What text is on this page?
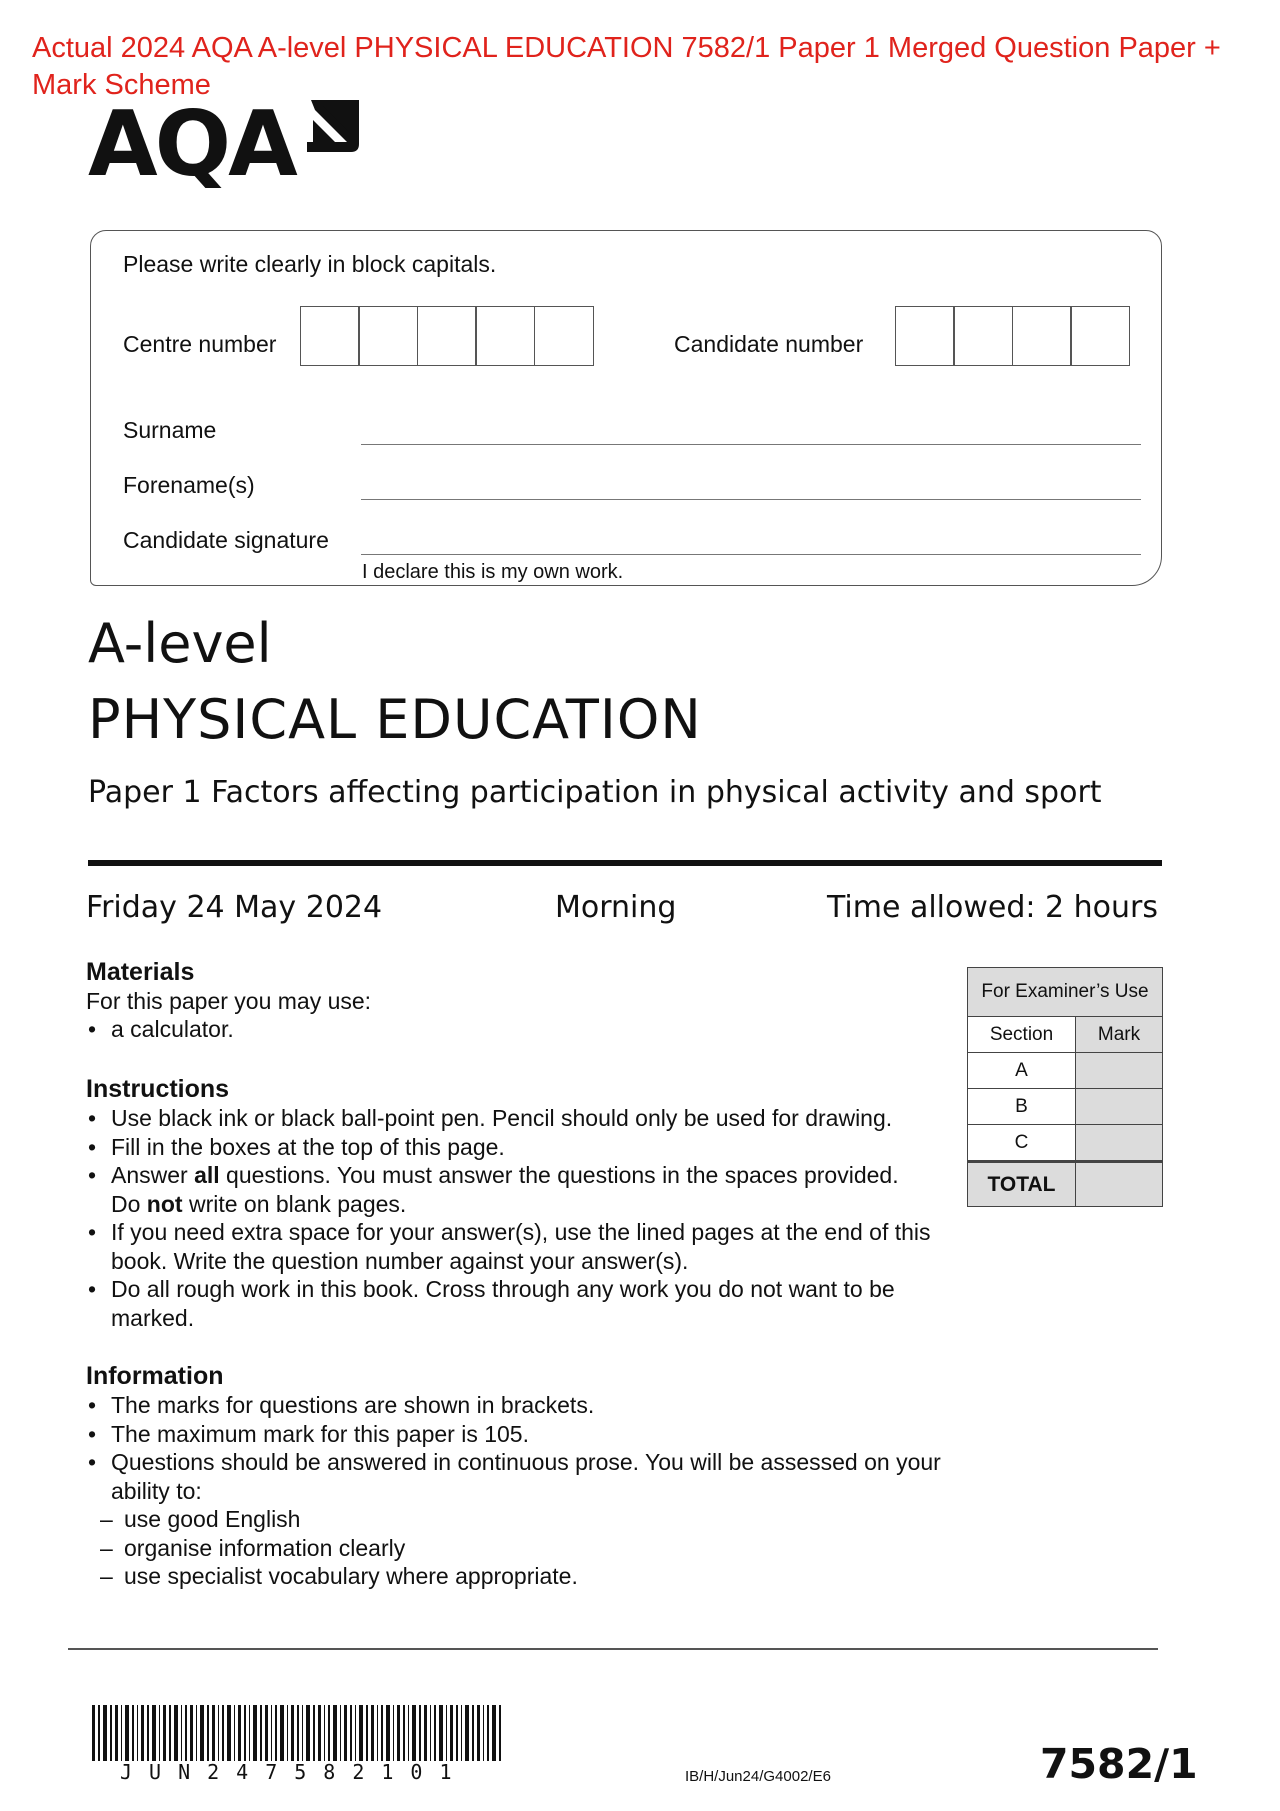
Actual 2024 AQA A-level PHYSICAL EDUCATION 7582/1 Paper 1 Merged Question Paper + Mark Scheme
AQA
Please write clearly in block capitals.
Centre number	Candidate number
Surname
Forename(s)
Candidate signature
I declare this is my own work.
A-level
PHYSICAL EDUCATION
Paper 1 Factors affecting participation in physical activity and sport
Friday 24 May 2024	Morning	Time allowed: 2 hours
Materials

For this paper you may use:

• a calculator.
Instructions
• Use black ink or black ball-point pen. Pencil should only be used for drawing.
• Fill in the boxes at the top of this page.
• Answer all questions. You must answer the questions in the spaces provided.
Do not write on blank pages.
• If you need extra space for your answer(s), use the lined pages at the end of this book. Write the question number against your answer(s).
• Do all rough work in this book. Cross through any work you do not want to be marked.
Information
• The marks for questions are shown in brackets.
• The maximum mark for this paper is 105.
• Questions should be answered in continuous prose. You will be assessed on your ability to:
– use good English
– organise information clearly
– use specialist vocabulary where appropriate.
For Examiner’s Use	
Section	Mark
A	
B	
C	
TOTAL	
JUN247582101	IB/H/Jun24/G4002/E6	7582/1
